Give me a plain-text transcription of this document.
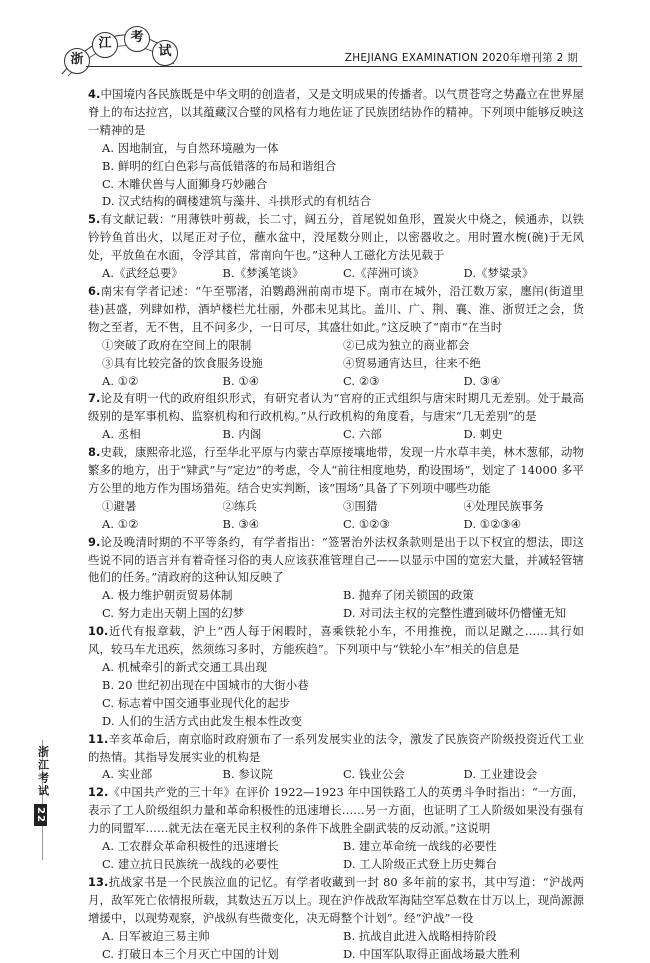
浙
江	考
试	ZHEJIANG EXAMINATION 2020年增刊第 2 期

4.中国境内各民族既是中华文明的创造者，又是文明成果的传播者。以气贯苍穹之势矗立在世界屋脊上的布达拉宫，以其蕴藏汉合璧的风格有力地佐证了民族团结协作的精神。下列项中能够反映这一精神的是

A. 因地制宜，与自然环境融为一体

B. 鲜明的红白色彩与高低错落的布局和谐组合

C. 木雕伏兽与人面狮身巧妙融合

D. 汉式结构的碉楼建筑与藻井、斗拱形式的有机结合

5.有文献记载：“用薄铁叶剪裁，长二寸，阔五分，首尾锐如鱼形，置炭火中烧之，候通赤，以铁钤钤鱼首出火，以尾正对子位，蘸水盆中，没尾数分则止，以密器收之。用时置水椀(碗)于无风处，平放鱼在水面，令浮其首，常南向午也。”这种人工磁化方法见载于

A.《武经总要》	B.《梦溪笔谈》	C.《萍洲可谈》	D.《梦粱录》

6.南宋有学者记述：“午至鄂渚，泊鹦鹉洲前南市堤下。南市在城外，沿江数万家，廛闬(街道里巷)甚盛，列肆如栉，酒垆楼栏尤壮丽，外郡未见其比。盖川、广、荆、襄、淮、浙贸迁之会，货物之至者，无不售，且不问多少，一日可尽，其盛壮如此。”这反映了“南市”在当时

①突破了政府在空间上的限制	②已成为独立的商业都会
③具有比较完备的饮食服务设施	④贸易通宵达旦，往来不绝
A. ①②	B. ①④	C. ②③	D. ③④

7.论及有明一代的政府组织形式，有研究者认为“官府的正式组织与唐宋时期几无差别。处于最高级别的是军事机构、监察机构和行政机构。”从行政机构的角度看，与唐宋“几无差别”的是

A. 丞相	B. 内阁	C. 六部	D. 刺史

8.史载，康熙帝北巡，行至华北平原与内蒙古草原接壤地带，发现一片水草丰美，林木葱郁，动物繁多的地方，出于“肄武”与“定边”的考虑，令人“前往相度地势，酌设围场”，划定了 14000 多平方公里的地方作为围场猎苑。结合史实判断，该“围场”具备了下列项中哪些功能

①避暑	②练兵	③围猎	④处理民族事务
A. ①②	B. ③④	C. ①②③	D. ①②③④

9.论及晚清时期的不平等条约，有学者指出：“签署治外法权条款则是出于以下权宜的想法，即这些说不同的语言并有着奇怪习俗的夷人应该获准管理自己——以显示中国的宽宏大量，并减轻管辖他们的任务。”清政府的这种认知反映了

A. 极力维护朝贡贸易体制	B. 抛弃了闭关锁国的政策
C. 努力走出天朝上国的幻梦	D. 对司法主权的完整性遭到破坏仍懵懂无知

10.近代有报章载，沪上“西人每于闲暇时，喜乘铁轮小车，不用推挽，而以足蹴之……其行如风，较马车尤迅疾，然须练习多时，方能疾趋”。下列项中与“铁轮小车”相关的信息是

A. 机械牵引的新式交通工具出现

B. 20 世纪初出现在中国城市的大街小巷

C. 标志着中国交通事业现代化的起步

D. 人们的生活方式由此发生根本性改变

11.辛亥革命后，南京临时政府颁布了一系列发展实业的法令，激发了民族资产阶级投资近代工业的热情。其指导发展实业的机构是

A. 实业部	B. 参议院	C. 钱业公会	D. 工业建设会

12.《中国共产党的三十年》在评价 1922—1923 年中国铁路工人的英勇斗争时指出：“一方面，表示了工人阶级组织力量和革命积极性的迅速增长……另一方面，也证明了工人阶级如果没有强有力的同盟军……就无法在毫无民主权利的条件下战胜全副武装的反动派。”这说明

A. 工农群众革命积极性的迅速增长	B. 建立革命统一战线的必要性
C. 建立抗日民族统一战线的必要性	D. 工人阶级正式登上历史舞台

13.抗战家书是一个民族泣血的记忆。有学者收藏到一封 80 多年前的家书，其中写道：“沪战两月，敌军死亡依情报所载，其数达五万以上。现在沪作战敌军海陆空军总数在廿万以上，现尚源源增援中，以现势观察，沪战纵有些微变化，决无碍整个计划”。经“沪战”一役

A. 日军被迫三易主帅	B. 抗战自此进入战略相持阶段
C. 打破日本三个月灭亡中国的计划	D. 中国军队取得正面战场最大胜利
浙江考试
22
